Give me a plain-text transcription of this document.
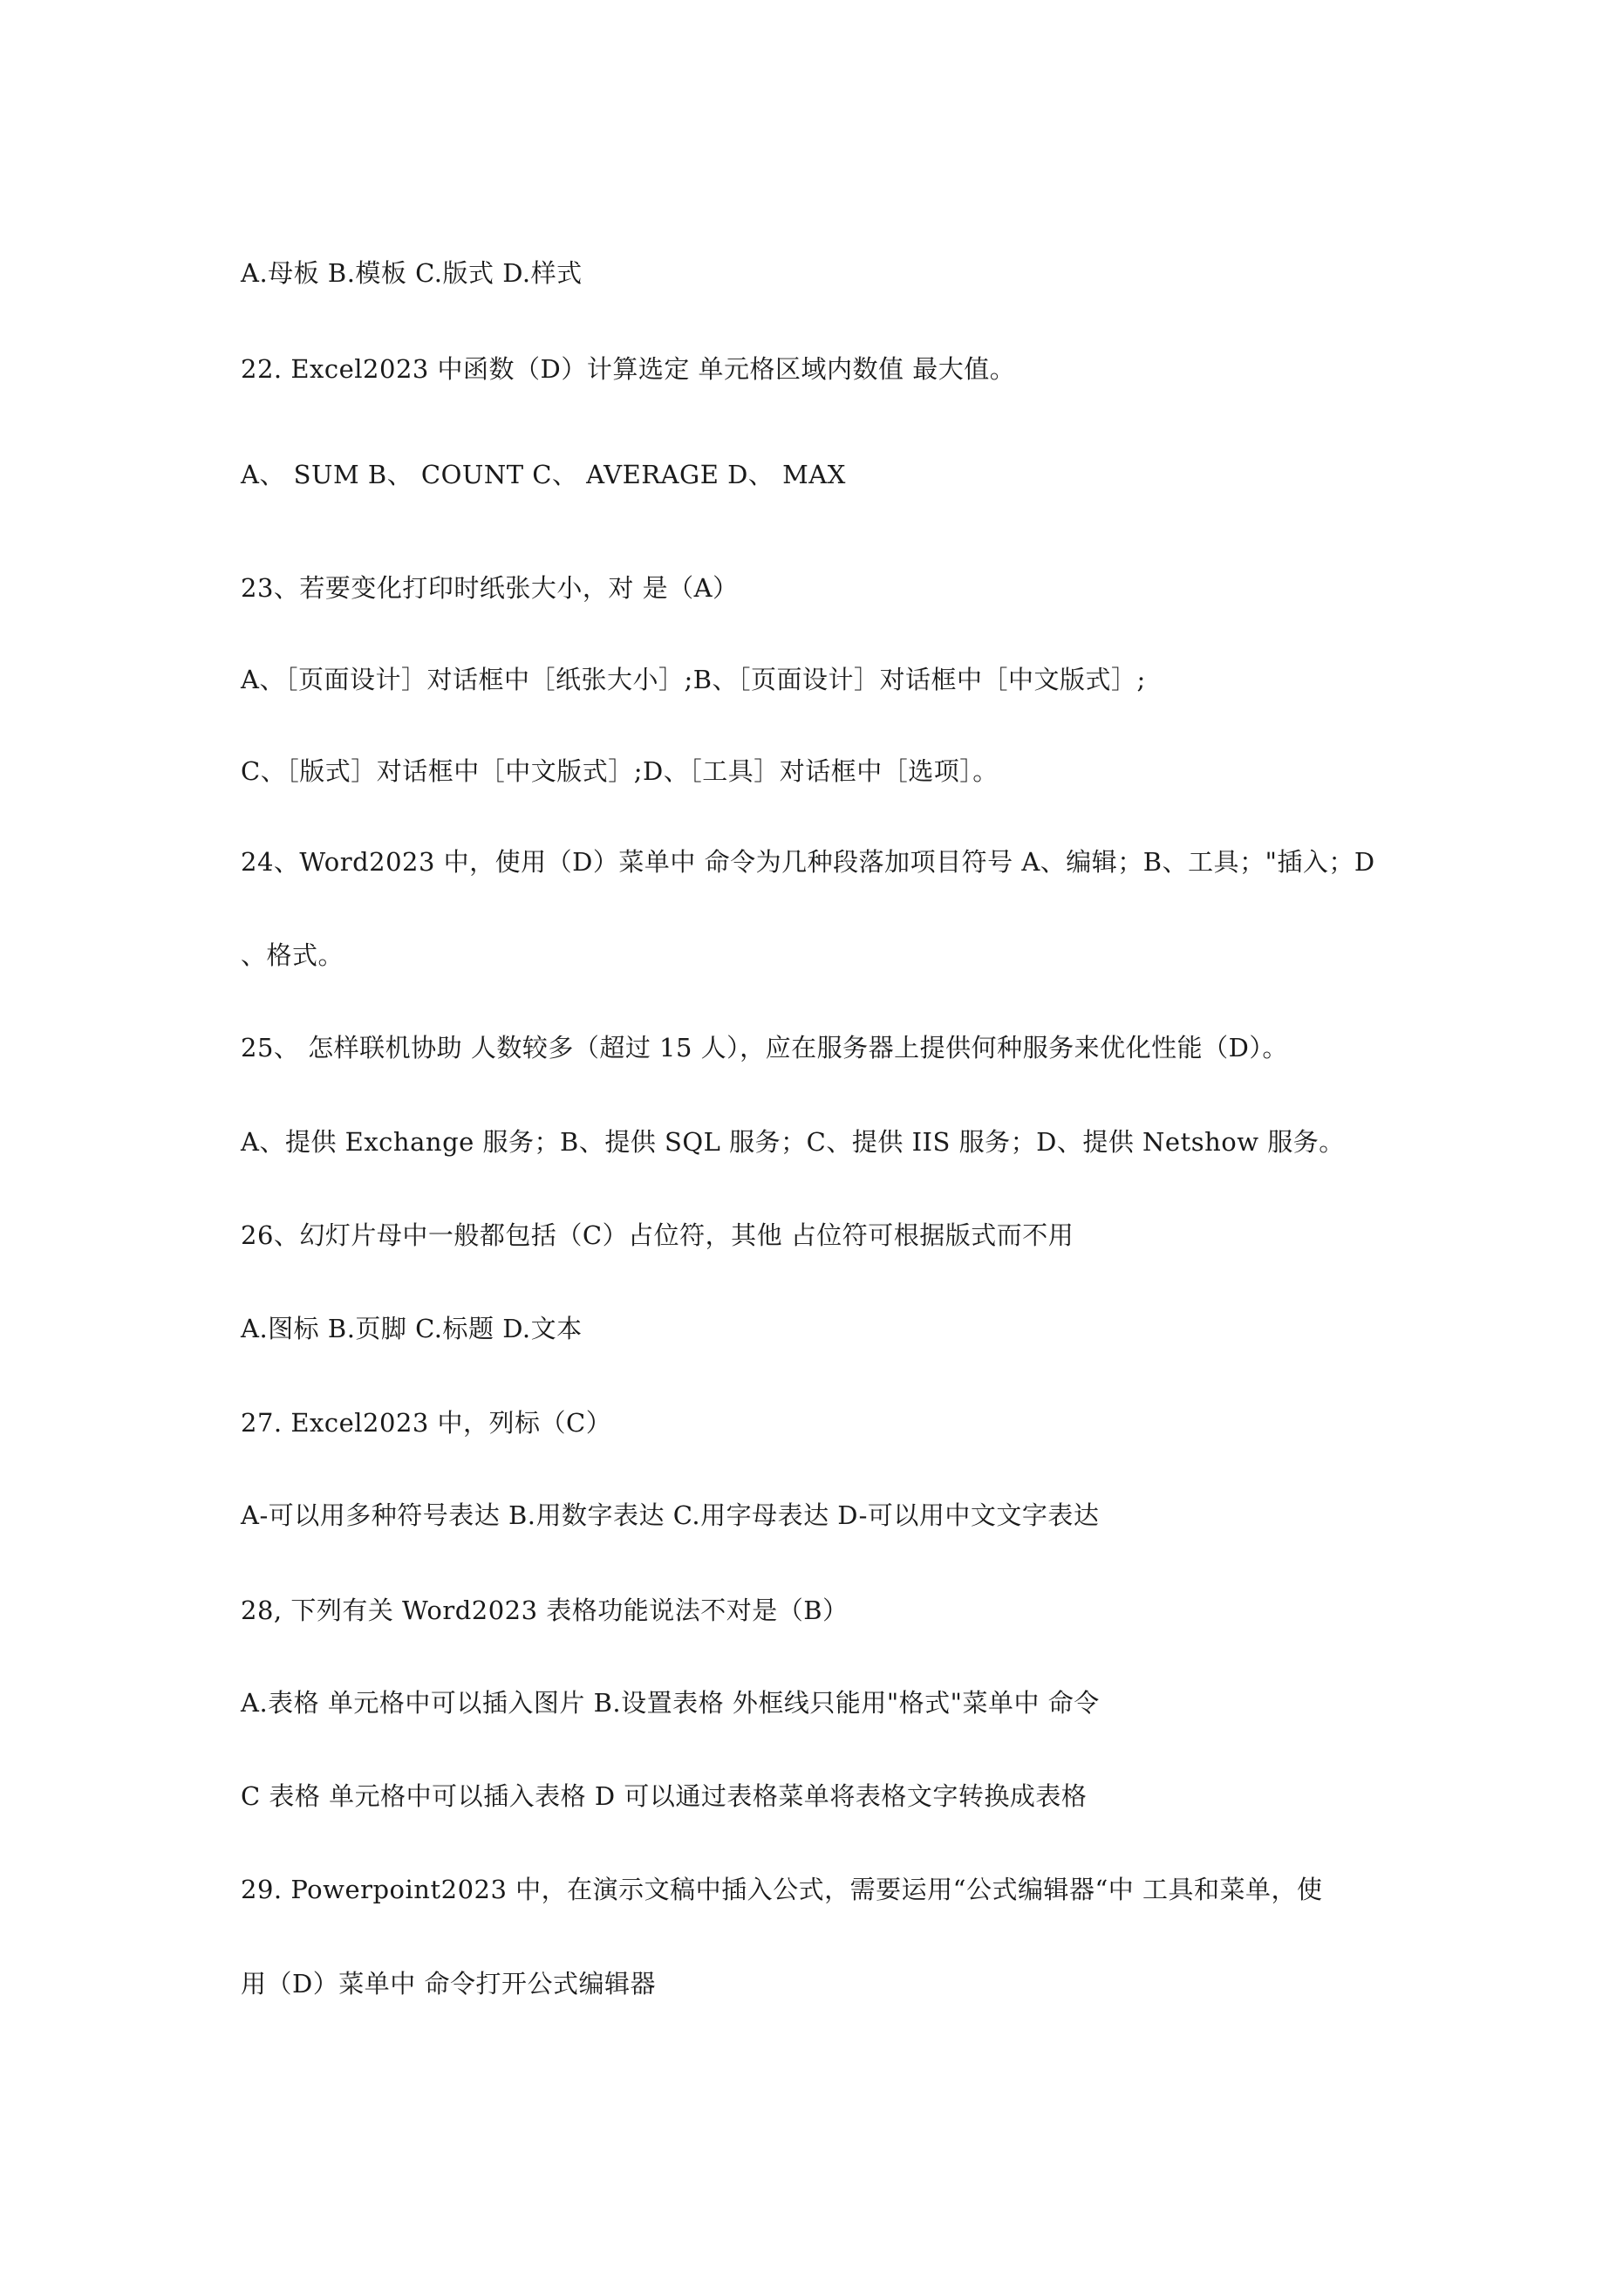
A.母板 B.模板 C.版式 D.样式
22. Excel2023 中函数（D）计算选定 单元格区域内数值 最大值。
A、 SUM B、 COUNT C、 AVERAGE D、 MAX
23、若要变化打印时纸张大小，对 是（A）
A、［页面设计］对话框中［纸张大小］;B、［页面设计］对话框中［中文版式］;
C、［版式］对话框中［中文版式］;D、［工具］对话框中［选项］。
24、Word2023 中，使用（D）菜单中 命令为几种段落加项目符号 A、编辑；B、工具；"插入；D
、格式。
25、 怎样联机协助 人数较多（超过 15 人），应在服务器上提供何种服务来优化性能（D）。
A、提供 Exchange 服务；B、提供 SQL 服务；C、提供 IIS 服务；D、提供 Netshow 服务。
26、幻灯片母中一般都包括（C）占位符，其他 占位符可根据版式而不用
A.图标 B.页脚 C.标题 D.文本
27. Excel2023 中，列标（C）
A-可以用多种符号表达 B.用数字表达 C.用字母表达 D-可以用中文文字表达
28, 下列有关 Word2023 表格功能说法不对是（B）
A.表格 单元格中可以插入图片 B.设置表格 外框线只能用"格式"菜单中 命令
C 表格 单元格中可以插入表格 D 可以通过表格菜单将表格文字转换成表格
29. Powerpoint2023 中，在演示文稿中插入公式，需要运用“公式编辑器“中 工具和菜单，使
用（D）菜单中 命令打开公式编辑器
